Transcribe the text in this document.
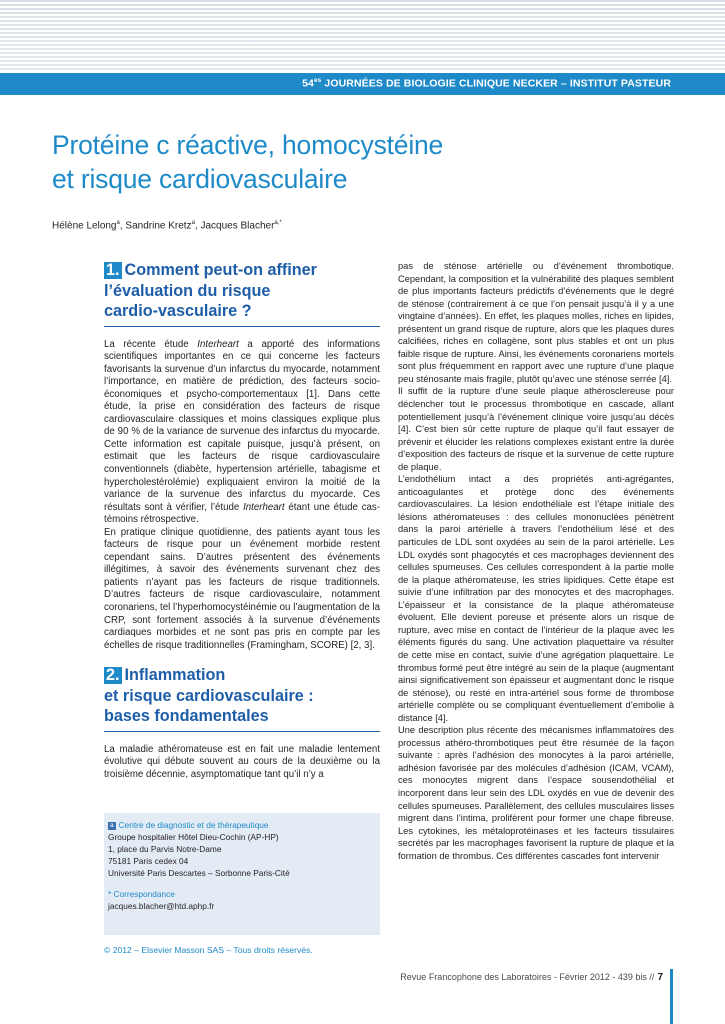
$54^{es}$ JOURNÉES DE BIOLOGIE CLINIQUE NECKER – INSTITUT PASTEUR
Protéine c réactive, homocystéine
et risque cardiovasculaire
Hélène Lelong$^a$, Sandrine Kretz$^a$, Jacques Blacher$^{a,*}$
1. Comment peut-on affiner
l’évaluation du risque
cardio-vasculaire ?

La récente étude Interheart a apporté des informations scientifiques importantes en ce qui concerne les facteurs favorisants la survenue d’un infarctus du myocarde, notamment l’importance, en matière de prédiction, des facteurs socio-économiques et psycho-comportementaux [1]. Dans cette étude, la prise en considération des facteurs de risque cardiovasculaire classiques et moins classiques explique plus de 90 % de la variance de survenue des infarctus du myocarde. Cette information est capitale puisque, jusqu’à présent, on estimait que les facteurs de risque cardiovasculaire conventionnels (diabète, hypertension artérielle, tabagisme et hypercholestérolémie) expliquaient environ la moitié de la variance de la survenue des infarctus du myocarde. Ces résultats sont à vérifier, l’étude Interheart étant une étude cas-témoins rétrospective.

En pratique clinique quotidienne, des patients ayant tous les facteurs de risque pour un événement morbide restent cependant sains. D’autres présentent des événements illégitimes, à savoir des événements survenant chez des patients n’ayant pas les facteurs de risque traditionnels. D’autres facteurs de risque cardiovasculaire, notamment coronariens, tel l’hyperhomocystéinémie ou l’augmentation de la CRP, sont fortement associés à la survenue d’événements cardiaques morbides et ne sont pas pris en compte par les échelles de risque traditionnelles (Framingham, SCORE) [2, 3].

2. Inflammation
et risque cardiovasculaire :
bases fondamentales

La maladie athéromateuse est en fait une maladie lentement évolutive qui débute souvent au cours de la deuxième ou la troisième décennie, asymptomatique tant qu’il n’y a

pas de sténose artérielle ou d’événement thrombotique. Cependant, la composition et la vulnérabilité des plaques semblent de plus importants facteurs prédictifs d’événements que le degré de sténose (contrairement à ce que l’on pensait jusqu’à il y a une vingtaine d’années). En effet, les plaques molles, riches en lipides, présentent un grand risque de rupture, alors que les plaques dures calcifiées, riches en collagène, sont plus stables et ont un plus faible risque de rupture. Ainsi, les événements coronariens mortels sont plus fréquemment en rapport avec une rupture d’une plaque peu sténosante mais fragile, plutôt qu’avec une sténose serrée [4].

Il suffit de la rupture d’une seule plaque athérosclereuse pour déclencher tout le processus thrombotique en cascade, allant potentiellement jusqu’à l’événement clinique voire jusqu’au décès [4]. C’est bien sûr cette rupture de plaque qu’il faut essayer de prévenir et élucider les relations complexes existant entre la durée d’exposition des facteurs de risque et la survenue de cette rupture de plaque.

L’endothélium intact a des propriétés anti-agrégantes, anticoagulantes et protège donc des événements cardiovasculaires. La lésion endothéliale est l’étape initiale des lésions athéromateuses : des cellules mononuclées pénètrent dans la paroi artérielle à travers l’endothélium lésé et des particules de LDL sont oxydées au sein de la paroi artérielle. Les LDL oxydés sont phagocytés et ces macrophages deviennent des cellules spumeuses. Ces cellules correspondent à la partie molle de la plaque athéromateuse, les stries lipidiques. Cette étape est suivie d’une infiltration par des monocytes et des macrophages. L’épaisseur et la consistance de la plaque athéromateuse évoluent. Elle devient poreuse et présente alors un risque de rupture, avec mise en contact de l’intérieur de la plaque avec les éléments figurés du sang. Une activation plaquettaire va résulter de cette mise en contact, suivie d’une agrégation plaquettaire. Le thrombus formé peut être intégré au sein de la plaque (augmentant ainsi significativement son épaisseur et augmentant donc le risque de sténose), ou resté en intra-artériel sous forme de thrombose artérielle complète ou se compliquant éventuellement d’embolie à distance [4].

Une description plus récente des mécanismes inflammatoires des processus athéro-thrombotiques peut être résumée de la façon suivante : après l’adhésion des monocytes à la paroi artérielle, adhésion favorisée par des molécules d’adhésion (ICAM, VCAM), ces monocytes migrent dans l’espace sousendothélial et incorporent dans leur sein des LDL oxydés en vue de devenir des cellules spumeuses. Parallèlement, des cellules musculaires lisses migrent dans l’intima, prolifèrent pour former une chape fibreuse. Les cytokines, les métaloprotéinases et les facteurs tissulaires secrétés par les macrophages favorisent la rupture de plaque et la formation de thrombus. Ces différentes cascades font intervenir

a Centre de diagnostic et de thérapeutique
Groupe hospitalier Hôtel Dieu-Cochin (AP-HP)
1, place du Parvis Notre-Dame
75181 Paris cedex 04
Université Paris Descartes – Sorbonne Paris-Cité
* Correspondance
jacques.blacher@htd.aphp.fr
© 2012 – Elsevier Masson SAS – Tous droits réservés.
Revue Francophone des Laboratoires - Février 2012 - 439 bis // 7
